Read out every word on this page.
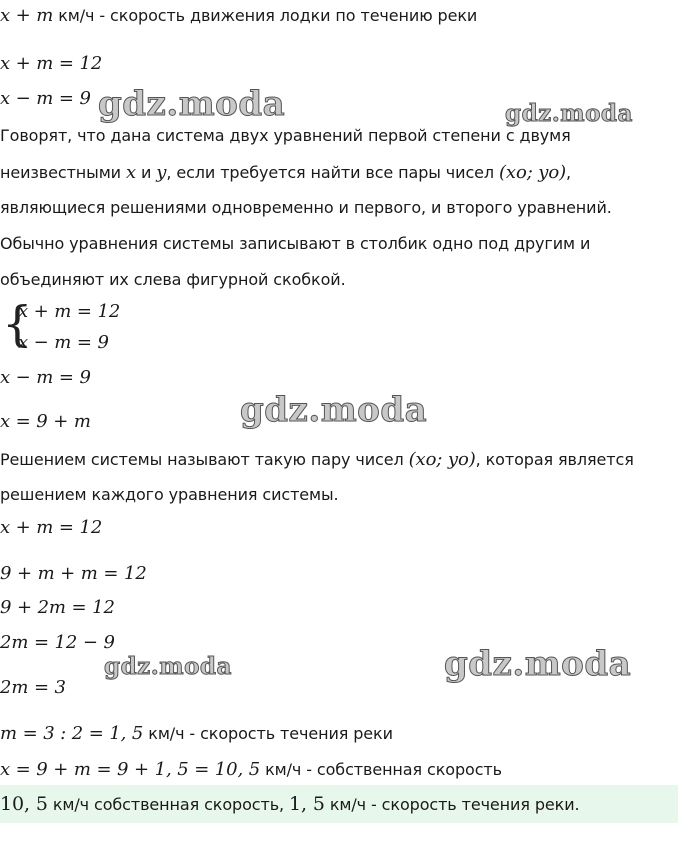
x + m км/ч - скорость движения лодки по течению реки
x + m = 12
x − m = 9
Говорят, что дана система двух уравнений первой степени с двумя
неизвестными x и y, если требуется найти все пары чисел (xo; yo),
являющиеся решениями одновременно и первого, и второго уравнений.
Обычно уравнения системы записывают в столбик одно под другим и
объединяют их слева фигурной скобкой.
{
x + m = 12
x − m = 9
x − m = 9
x = 9 + m
Решением системы называют такую пару чисел (xo; yo), которая является
решением каждого уравнения системы.
x + m = 12
9 + m + m = 12
9 + 2m = 12
2m = 12 − 9
2m = 3
m = 3 : 2 = 1, 5 км/ч - скорость течения реки
x = 9 + m = 9 + 1, 5 = 10, 5 км/ч - собственная скорость
10, 5 км/ч собственная скорость, 1, 5 км/ч - скорость течения реки.
gdz.moda	gdz.moda
gdz.moda
gdz.moda	gdz.moda
